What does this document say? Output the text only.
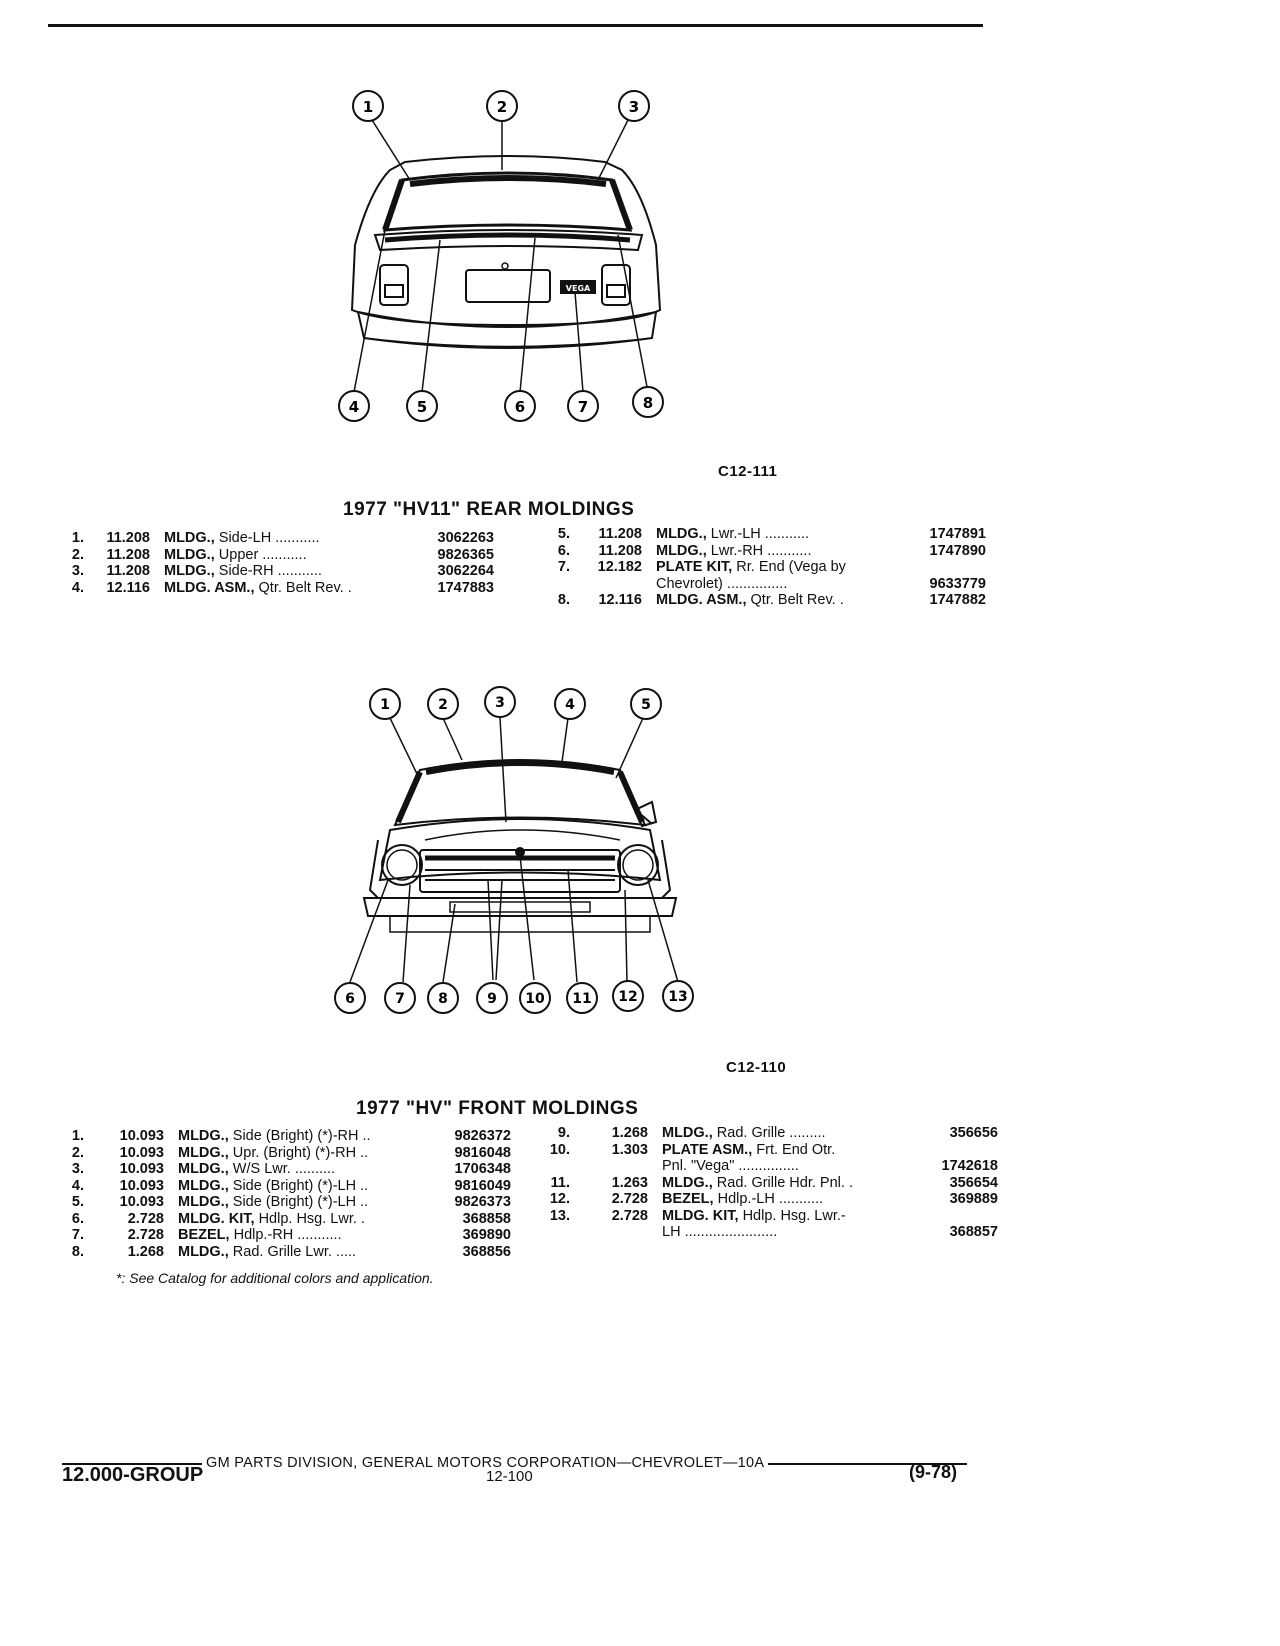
1	2	3
4	5	6	7	8
VEGA
C12-111
1977 "HV11" REAR MOLDINGS
1.	11.208 MLDG., Side-LH ...........	3062263
2.	11.208 MLDG., Upper ...........	9826365
3.	11.208 MLDG., Side-RH ...........	3062264
4.	12.116 MLDG. ASM., Qtr. Belt Rev. .	1747883
5.	11.208 MLDG., Lwr.-LH ...........	1747891
6.	11.208 MLDG., Lwr.-RH ...........	1747890
7.	12.182 PLATE KIT, Rr. End (Vega by
Chevrolet) ...............	9633779
8.	12.116 MLDG. ASM., Qtr. Belt Rev. .	1747882
1	2	3	4	5
6	7 8	9 10 11 12 13
C12-110
1977 "HV" FRONT MOLDINGS
1.	10.093 MLDG., Side (Bright) (*)-RH ..	9826372
2.	10.093 MLDG., Upr. (Bright) (*)-RH ..	9816048
3.	10.093 MLDG., W/S Lwr. ..........	1706348
4.	10.093 MLDG., Side (Bright) (*)-LH ..	9816049
5.	10.093 MLDG., Side (Bright) (*)-LH ..	9826373
6.	2.728 MLDG. KIT, Hdlp. Hsg. Lwr. .	368858
7.	2.728 BEZEL, Hdlp.-RH ...........	369890
8.	1.268 MLDG., Rad. Grille Lwr. .....	368856
*: See Catalog for additional colors and application.
9.	1.268 MLDG., Rad. Grille .........	356656
10.	1.303 PLATE ASM., Frt. End Otr.
Pnl. "Vega" ...............	1742618
11.	1.263 MLDG., Rad. Grille Hdr. Pnl. .	356654
12.	2.728 BEZEL, Hdlp.-LH ...........	369889
13.	2.728 MLDG. KIT, Hdlp. Hsg. Lwr.-
LH .......................	368857
GM PARTS DIVISION, GENERAL MOTORS CORPORATION—CHEVROLET—10A
12.000-GROUP	12-100	(9-78)
